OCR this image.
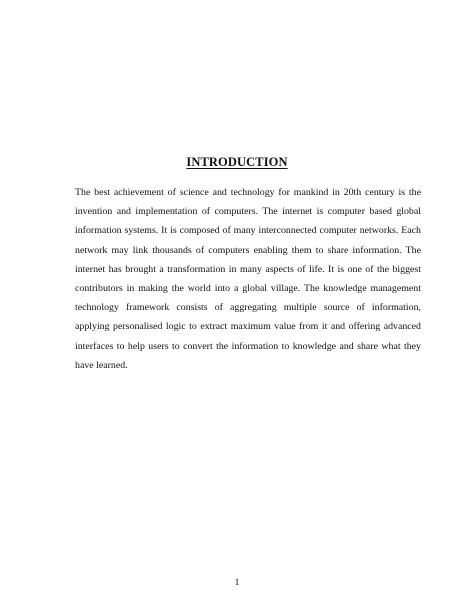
INTRODUCTION

The best achievement of science and technology for mankind in 20th century is the invention and implementation of computers. The internet is computer based global information systems. It is composed of many interconnected computer networks. Each network may link thousands of computers enabling them to share information. The internet has brought a transformation in many aspects of life. It is one of the biggest contributors in making the world into a global village. The knowledge management technology framework consists of aggregating multiple source of information, applying personalised logic to extract maximum value from it and offering advanced interfaces to help users to convert the information to knowledge and share what they have learned.

1
